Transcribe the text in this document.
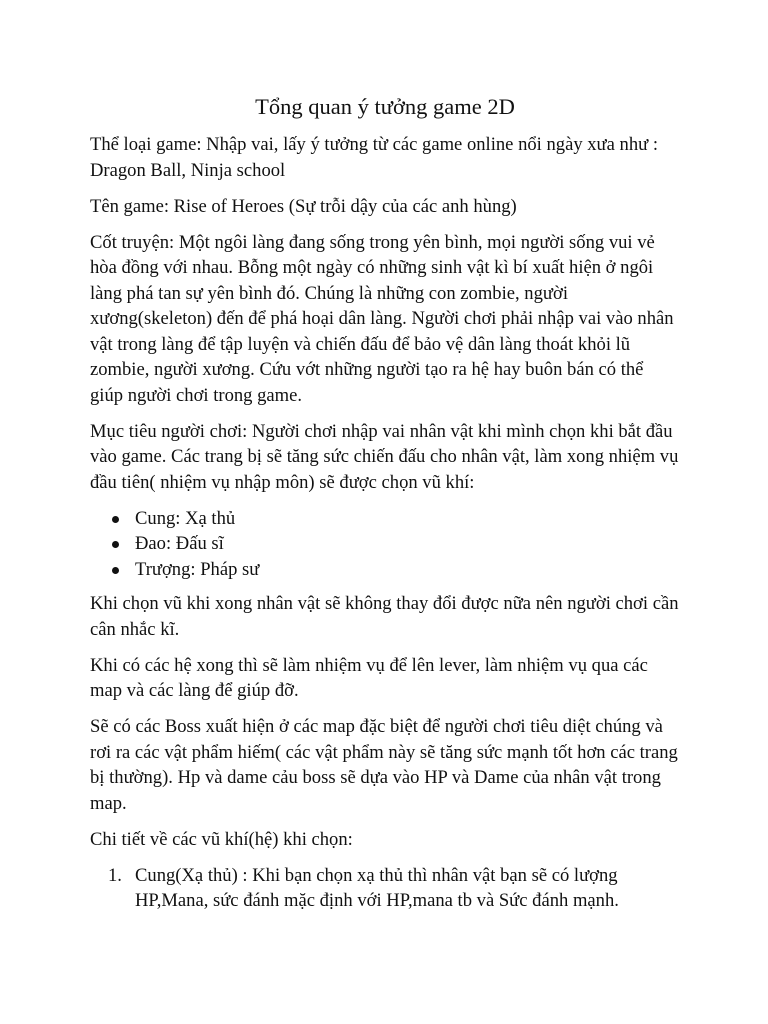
Tổng quan ý tưởng game 2D

Thể loại game: Nhập vai, lấy ý tưởng từ các game online nổi ngày xưa như : Dragon Ball, Ninja school

Tên game: Rise of Heroes (Sự trỗi dậy của các anh hùng)

Cốt truyện: Một ngôi làng đang sống trong yên bình, mọi người sống vui vẻ hòa đồng với nhau. Bỗng một ngày có những sinh vật kì bí xuất hiện ở ngôi làng phá tan sự yên bình đó. Chúng là những con zombie, người xương(skeleton) đến để phá hoại dân làng. Người chơi phải nhập vai vào nhân vật trong làng để tập luyện và chiến đấu để bảo vệ dân làng thoát khỏi lũ zombie, người xương. Cứu vớt những người tạo ra hệ hay buôn bán có thể giúp người chơi trong game.

Mục tiêu người chơi: Người chơi nhập vai nhân vật khi mình chọn khi bắt đầu vào game. Các trang bị sẽ tăng sức chiến đấu cho nhân vật, làm xong nhiệm vụ đầu tiên( nhiệm vụ nhập môn) sẽ được chọn vũ khí:

Cung: Xạ thủ
Đao: Đấu sĩ
Trượng: Pháp sư

Khi chọn vũ khi xong nhân vật sẽ không thay đổi được nữa nên người chơi cần cân nhắc kĩ.

Khi có các hệ xong thì sẽ làm nhiệm vụ để lên lever, làm nhiệm vụ qua các map và các làng để giúp đỡ.

Sẽ có các Boss xuất hiện ở các map đặc biệt để người chơi tiêu diệt chúng và rơi ra các vật phẩm hiếm( các vật phẩm này sẽ tăng sức mạnh tốt hơn các trang bị thường). Hp và dame cảu boss sẽ dựa vào HP và Dame của nhân vật trong map.

Chi tiết về các vũ khí(hệ) khi chọn:

1. Cung(Xạ thủ) : Khi bạn chọn xạ thủ thì nhân vật bạn sẽ có lượng HP,Mana, sức đánh mặc định với HP,mana tb và Sức đánh mạnh.
